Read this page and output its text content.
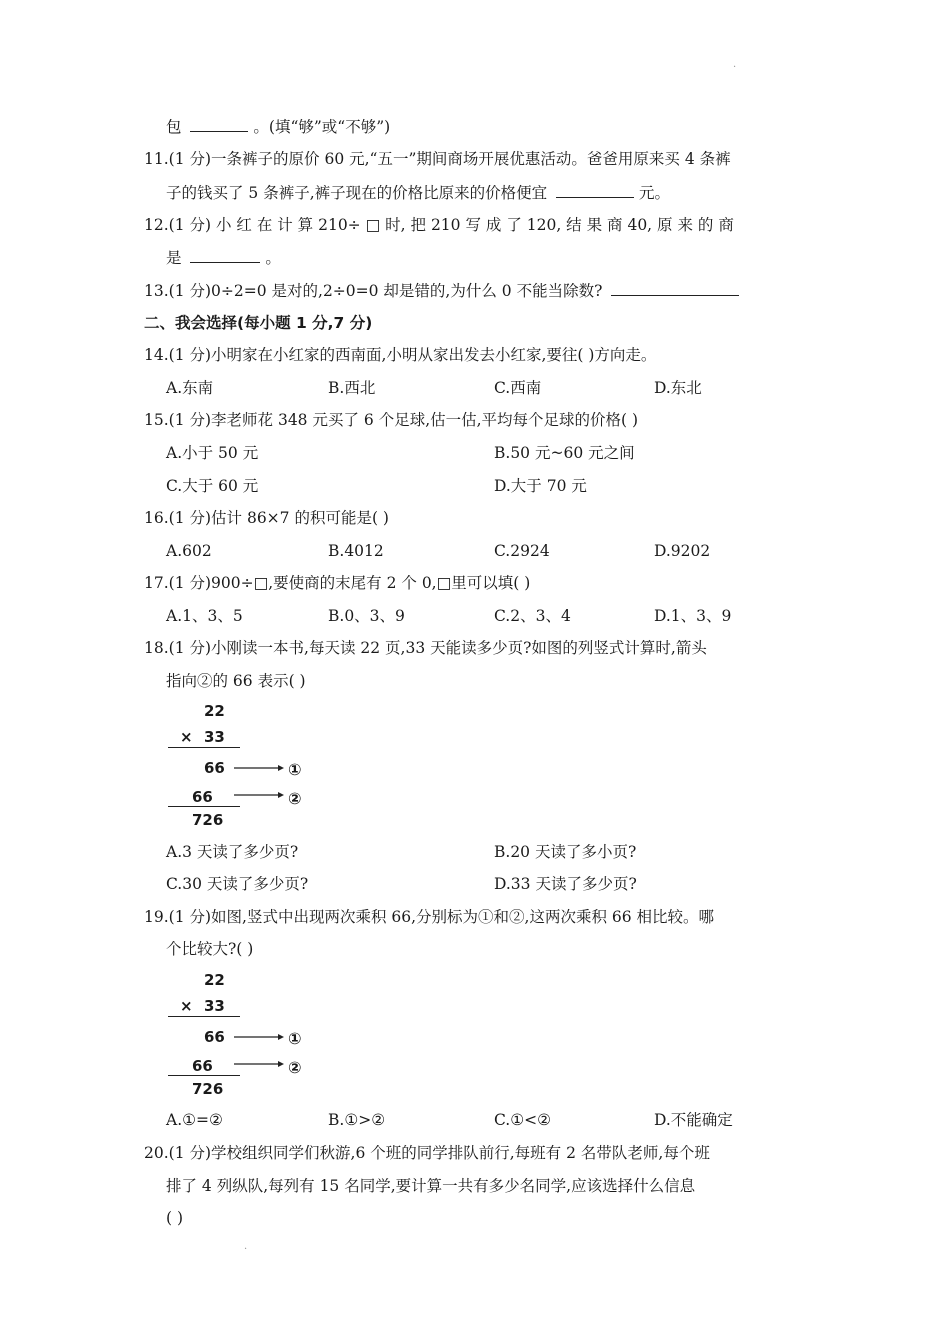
·
包	。(填“够”或“不够”)
11.(1 分)一条裤子的原价 60 元,“五一”期间商场开展优惠活动。爸爸用原来买 4 条裤
子的钱买了 5 条裤子,裤子现在的价格比原来的价格便宜	元。
12.(1 分) 小 红 在 计 算 210÷ □ 时, 把 210 写 成 了 120, 结 果 商 40, 原 来 的 商
是	。
13.(1 分)0÷2=0 是对的,2÷0=0 却是错的,为什么 0 不能当除数?
二、我会选择(每小题 1 分,7 分)
14.(1 分)小明家在小红家的西南面,小明从家出发去小红家,要往( )方向走。
A.东南	B.西北	C.西南	D.东北
15.(1 分)李老师花 348 元买了 6 个足球,估一估,平均每个足球的价格( )
A.小于 50 元	B.50 元~60 元之间
C.大于 60 元	D.大于 70 元
16.(1 分)估计 86×7 的积可能是( )
A.602	B.4012	C.2924	D.9202
17.(1 分)900÷□,要使商的末尾有 2 个 0,□里可以填( )
A.1、3、5	B.0、3、9	C.2、3、4	D.1、3、9
18.(1 分)小刚读一本书,每天读 22 页,33 天能读多少页?如图的列竖式计算时,箭头
指向②的 66 表示( )
22
× 33
66	①
66	②
726
A.3 天读了多少页?	B.20 天读了多小页?
C.30 天读了多少页?	D.33 天读了多少页?
19.(1 分)如图,竖式中出现两次乘积 66,分别标为①和②,这两次乘积 66 相比较。哪
个比较大?( )
22
× 33
66	①
66	②
726
A.①=②	B.①>②	C.①<②	D.不能确定
20.(1 分)学校组织同学们秋游,6 个班的同学排队前行,每班有 2 名带队老师,每个班
排了 4 列纵队,每列有 15 名同学,要计算一共有多少名同学,应该选择什么信息
( )
·
